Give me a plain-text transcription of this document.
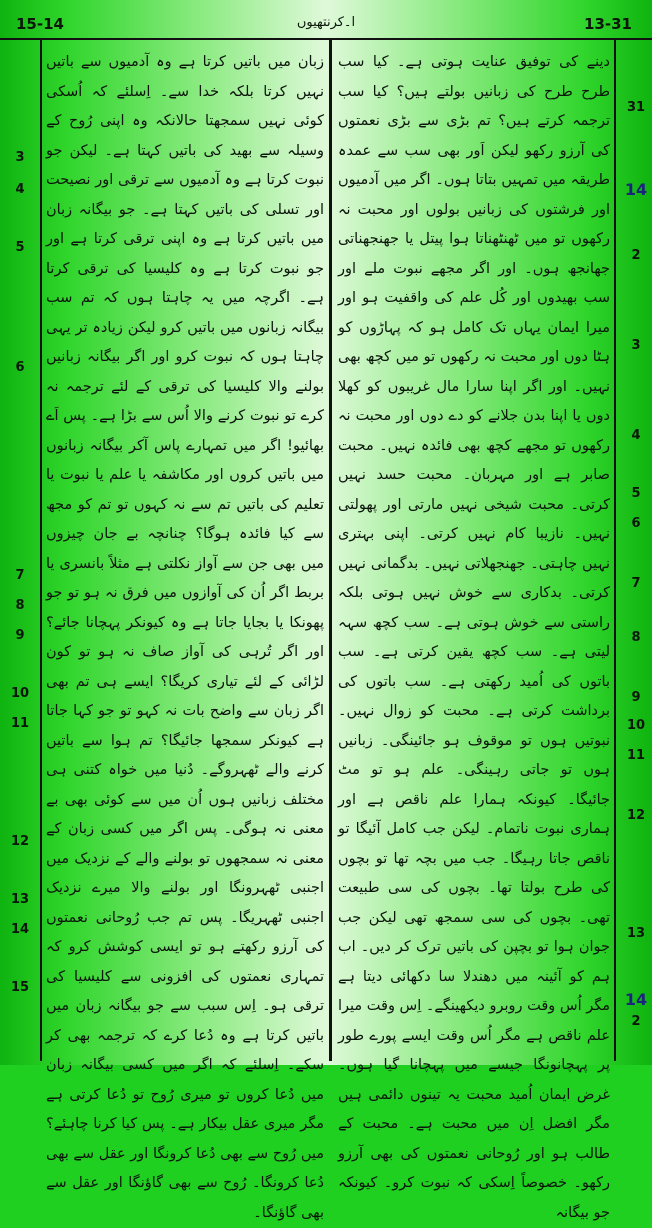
15-14	ا۔کرنتھیوں	13-31
31
14
2
3
4
5
6
7
8
9
10
11
12
13
14
2
3
4
5
6
7
8
9
10
11
12
13
14
15

دینے کی توفیق عنایت ہوتی ہے۔ کیا سب طرح طرح کی زبانیں بولتے ہیں؟ کیا سب ترجمہ کرتے ہیں؟ تم بڑی سے بڑی نعمتوں کی آرزو رکھو لیکن اَور بھی سب سے عمدہ طریقہ میں تمہیں بتاتا ہوں۔ اگر میں آدمیوں اور فرشتوں کی زبانیں بولوں اور محبت نہ رکھوں تو میں ٹھنٹھناتا ہوا پیتل یا جھنجھناتی جھانجھ ہوں۔ اور اگر مجھے نبوت ملے اور سب بھیدوں اور کُل علم کی واقفیت ہو اور میرا ایمان یہاں تک کامل ہو کہ پہاڑوں کو ہٹا دوں اور محبت نہ رکھوں تو میں کچھ بھی نہیں۔ اور اگر اپنا سارا مال غریبوں کو کھلا دوں یا اپنا بدن جلانے کو دے دوں اور محبت نہ رکھوں تو مجھے کچھ بھی فائدہ نہیں۔ محبت صابر ہے اور مہربان۔ محبت حسد نہیں کرتی۔ محبت شیخی نہیں مارتی اور پھولتی نہیں۔ نازیبا کام نہیں کرتی۔ اپنی بہتری نہیں چاہتی۔ جھنجھلاتی نہیں۔ بدگمانی نہیں کرتی۔ بدکاری سے خوش نہیں ہوتی بلکہ راستی سے خوش ہوتی ہے۔ سب کچھ سہہ لیتی ہے۔ سب کچھ یقین کرتی ہے۔ سب باتوں کی اُمید رکھتی ہے۔ سب باتوں کی برداشت کرتی ہے۔ محبت کو زوال نہیں۔ نبوتیں ہوں تو موقوف ہو جائینگی۔ زبانیں ہوں تو جاتی رہینگی۔ علم ہو تو مٹ جائیگا۔ کیونکہ ہمارا علم ناقص ہے اور ہماری نبوت ناتمام۔ لیکن جب کامل آئیگا تو ناقص جاتا رہیگا۔ جب میں بچہ تھا تو بچوں کی طرح بولتا تھا۔ بچوں کی سی طبیعت تھی۔ بچوں کی سی سمجھ تھی لیکن جب جوان ہوا تو بچپن کی باتیں ترک کر دیں۔ اب ہم کو آئینہ میں دھندلا سا دکھائی دیتا ہے مگر اُس وقت روبرو دیکھینگے۔ اِس وقت میرا علم ناقص ہے مگر اُس وقت ایسے پورے طور پر پہچانونگا جیسے میں پہچانا گیا ہوں۔ غرض ایمان اُمید محبت یہ تینوں دائمی ہیں مگر افضل اِن میں محبت ہے۔ محبت کے طالب ہو اور رُوحانی نعمتوں کی بھی آرزو رکھو۔ خصوصاً اِسکی کہ نبوت کرو۔ کیونکہ جو بیگانہ

زبان میں باتیں کرتا ہے وہ آدمیوں سے باتیں نہیں کرتا بلکہ خدا سے۔ اِسلئے کہ اُسکی کوئی نہیں سمجھتا حالانکہ وہ اپنی رُوح کے وسیلہ سے بھید کی باتیں کہتا ہے۔ لیکن جو نبوت کرتا ہے وہ آدمیوں سے ترقی اور نصیحت اور تسلی کی باتیں کہتا ہے۔ جو بیگانہ زبان میں باتیں کرتا ہے وہ اپنی ترقی کرتا ہے اور جو نبوت کرتا ہے وہ کلیسیا کی ترقی کرتا ہے۔ اگرچہ میں یہ چاہتا ہوں کہ تم سب بیگانہ زبانوں میں باتیں کرو لیکن زیادہ تر یہی چاہتا ہوں کہ نبوت کرو اور اگر بیگانہ زبانیں بولنے والا کلیسیا کی ترقی کے لئے ترجمہ نہ کرے تو نبوت کرنے والا اُس سے بڑا ہے۔ پس اَے بھائیو! اگر میں تمہارے پاس آکر بیگانہ زبانوں میں باتیں کروں اور مکاشفہ یا علم یا نبوت یا تعلیم کی باتیں تم سے نہ کہوں تو تم کو مجھ سے کیا فائدہ ہوگا؟ چنانچہ بے جان چیزوں میں بھی جن سے آواز نکلتی ہے مثلاً بانسری یا بربط اگر اُن کی آوازوں میں فرق نہ ہو تو جو پھونکا یا بجایا جاتا ہے وہ کیونکر پہچانا جائے؟ اور اگر تُرہی کی آواز صاف نہ ہو تو کون لڑائی کے لئے تیاری کریگا؟ ایسے ہی تم بھی اگر زبان سے واضح بات نہ کہو تو جو کہا جاتا ہے کیونکر سمجھا جائیگا؟ تم ہوا سے باتیں کرنے والے ٹھہروگے۔ دُنیا میں خواہ کتنی ہی مختلف زبانیں ہوں اُن میں سے کوئی بھی بے معنی نہ ہوگی۔ پس اگر میں کسی زبان کے معنی نہ سمجھوں تو بولنے والے کے نزدیک میں اجنبی ٹھہرونگا اور بولنے والا میرے نزدیک اجنبی ٹھہریگا۔ پس تم جب رُوحانی نعمتوں کی آرزو رکھتے ہو تو ایسی کوشش کرو کہ تمہاری نعمتوں کی افزونی سے کلیسیا کی ترقی ہو۔ اِس سبب سے جو بیگانہ زبان میں باتیں کرتا ہے وہ دُعا کرے کہ ترجمہ بھی کر سکے۔ اِسلئے کہ اگر میں کسی بیگانہ زبان میں دُعا کروں تو میری رُوح تو دُعا کرتی ہے مگر میری عقل بیکار ہے۔ پس کیا کرنا چاہئے؟ میں رُوح سے بھی دُعا کرونگا اور عقل سے بھی دُعا کرونگا۔ رُوح سے بھی گاؤنگا اور عقل سے بھی گاؤنگا۔
